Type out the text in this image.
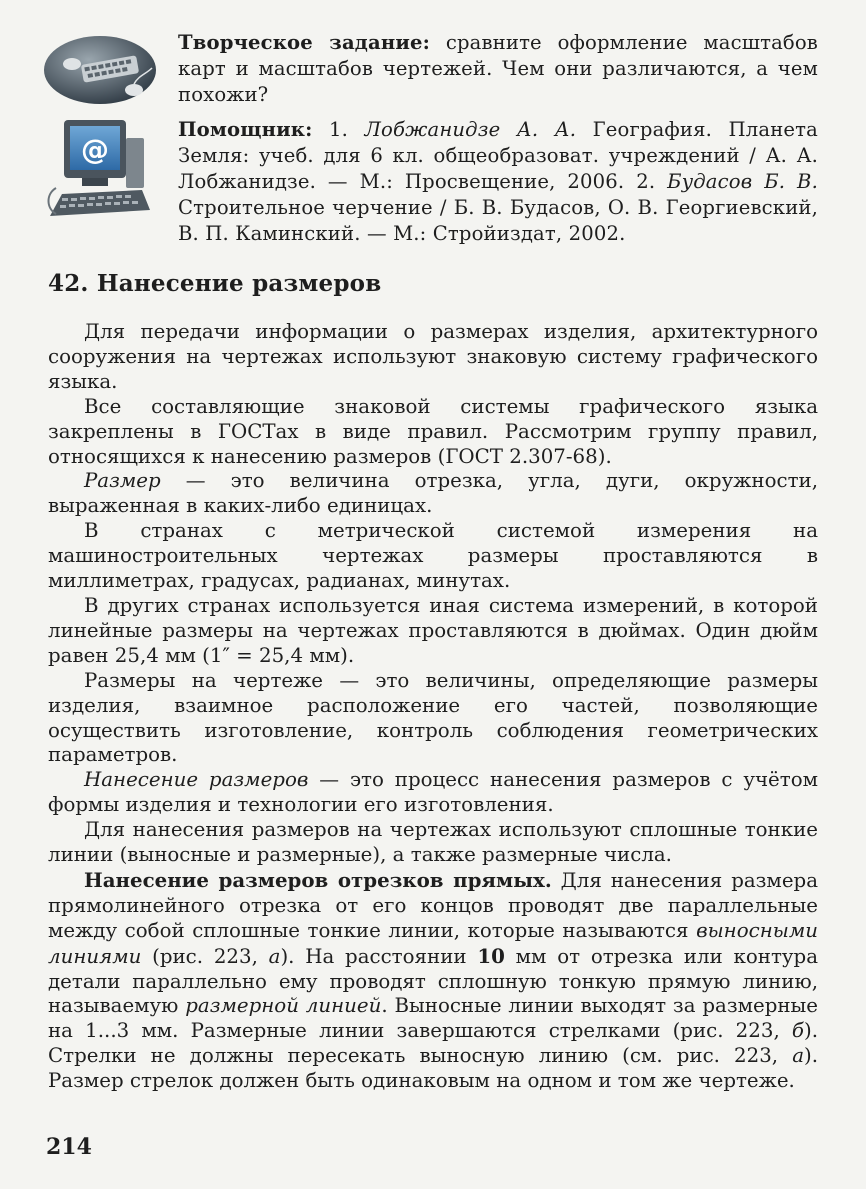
@
Творческое задание: сравните оформление масштабов карт и масштабов чертежей. Чем они различаются, а чем похожи?
Помощник: 1. Лобжанидзе А. А. География. Планета Земля: учеб. для 6 кл. общеобразоват. учреждений / А. А. Лобжанидзе. — М.: Просвещение, 2006. 2. Будасов Б. В. Строительное черчение / Б. В. Будасов, О. В. Георгиевский, В. П. Каминский. — М.: Стройиздат, 2002.
42. Нанесение размеров

Для передачи информации о размерах изделия, архитектурного сооружения на чертежах используют знаковую систему графического языка.

Все составляющие знаковой системы графического языка закреплены в ГОСТах в виде правил. Рассмотрим группу правил, относящихся к нанесению размеров (ГОСТ 2.307-68).

Размер — это величина отрезка, угла, дуги, окружности, выраженная в каких-либо единицах.

В странах с метрической системой измерения на машиностроительных чертежах размеры проставляются в миллиметрах, градусах, радианах, минутах.

В других странах используется иная система измерений, в которой линейные размеры на чертежах проставляются в дюймах. Один дюйм равен 25,4 мм (1″ = 25,4 мм).

Размеры на чертеже — это величины, определяющие размеры изделия, взаимное расположение его частей, позволяющие осуществить изготовление, контроль соблюдения геометрических параметров.

Нанесение размеров — это процесс нанесения размеров с учётом формы изделия и технологии его изготовления.

Для нанесения размеров на чертежах используют сплошные тонкие линии (выносные и размерные), а также размерные числа.

Нанесение размеров отрезков прямых. Для нанесения размера прямолинейного отрезка от его концов проводят две параллельные между собой сплошные тонкие линии, которые называются выносными линиями (рис. 223, а). На расстоянии 10 мм от отрезка или контура детали параллельно ему проводят сплошную тонкую прямую линию, называемую размерной линией. Выносные линии выходят за размерные на 1...3 мм. Размерные линии завершаются стрелками (рис. 223, б). Стрелки не должны пересекать выносную линию (см. рис. 223, а). Размер стрелок должен быть одинаковым на одном и том же чертеже.

214
